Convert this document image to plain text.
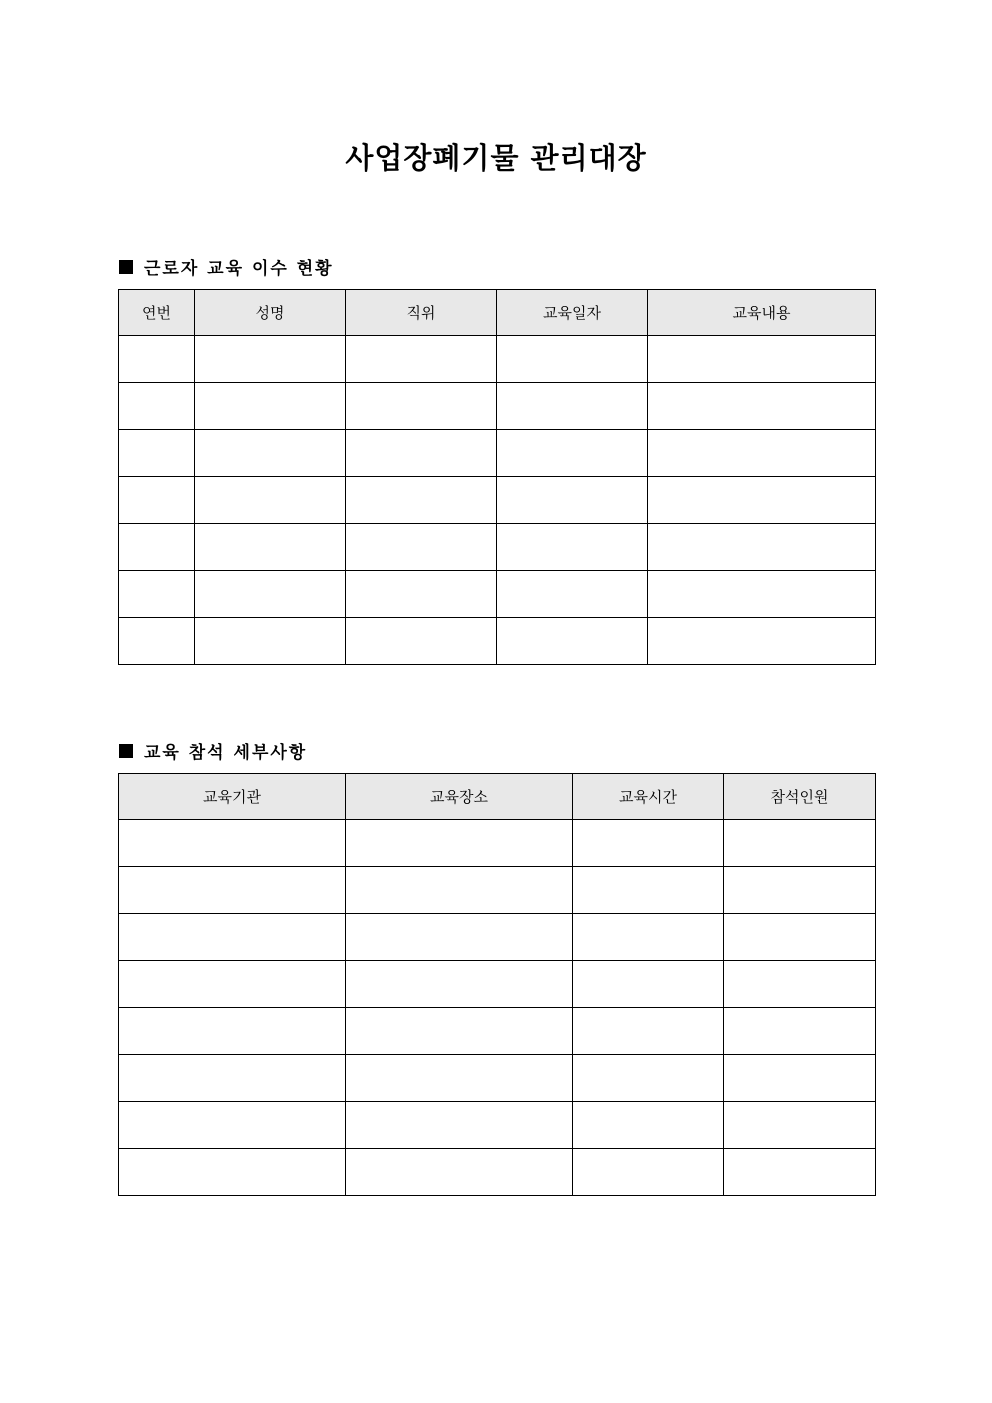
사업장폐기물 관리대장
근로자 교육 이수 현황
연번	성명	직위	교육일자	교육내용

교육 참석 세부사항
교육기관	교육장소	교육시간	참석인원
